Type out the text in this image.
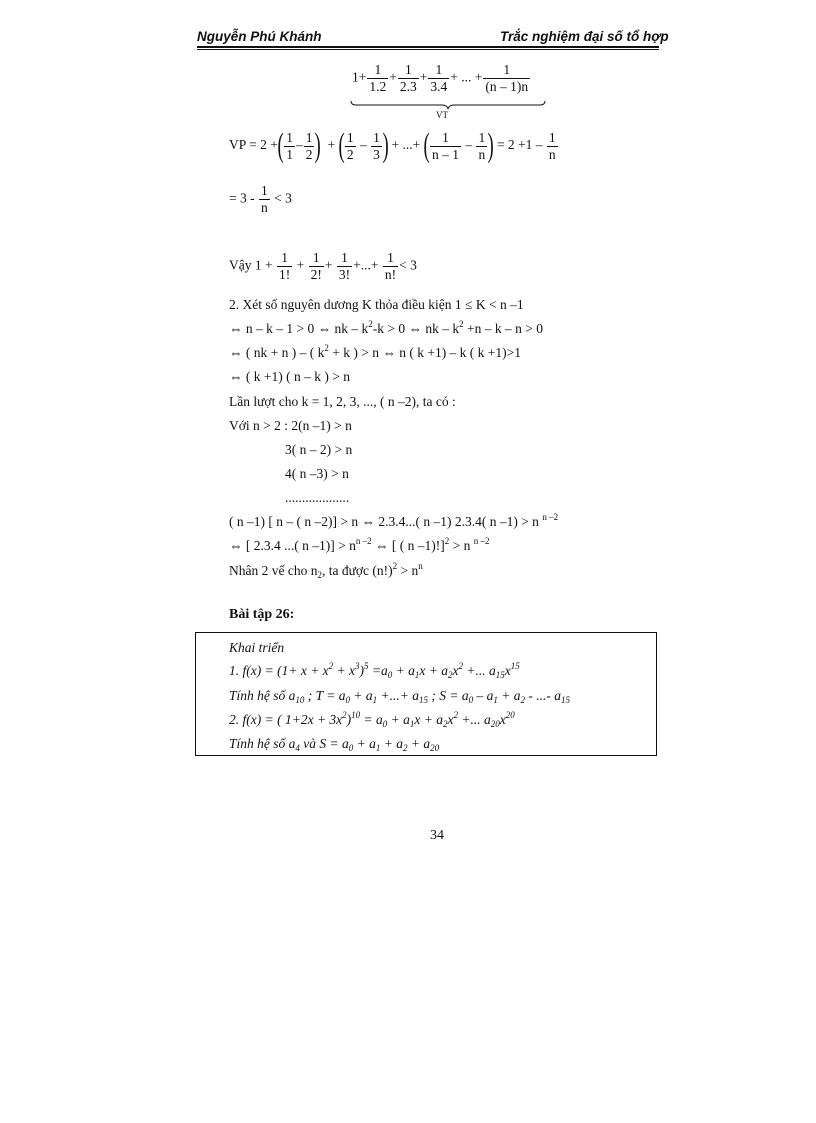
Nguyễn Phú Khánh	Trắc nghiệm đại số tổ hợp
$1+ \frac{1}{1.2} + \frac{1}{2.3} + \frac{1}{3.4}$ + ... + $\frac{1}{(n - 1)n}$
VT
VP = 2 +( $\frac{1}{1} - \frac{1}{2}$ )  + ( $\frac{1}{2} - \frac{1}{3}$ ) + ...+ ( $\frac{1}{n - 1} - \frac{1}{n}$ ) = $2 +1 - \frac{1}{n}$
= $3 - \frac{1}{n} < 3$
Vậy $1 + \frac{1}{1!} + \frac{1}{2!} + \frac{1}{3!}$ +...+ $\frac{1}{n!} < 3$
2. Xét số nguyên dương K thỏa điều kiện 1 ≤ K < n –1
⇔ n – k – 1 > 0 ⇔ nk – $k^2-k > 0$ ⇔ nk – $k^2 +n - k - n > 0$
⇔ ( nk + n ) – ( $k^2 + k$ ) > n ⇔ n ( k +1) – k ( k +1)>1
⇔ ( k +1) ( n – k ) > n
Lần lượt cho k = 1, 2, 3, ..., ( n –2), ta có :
Với n > 2 : 2(n –1) > n
3( n – 2) > n
4( n –3) > n
...................
( n –1) [ n – ( n –2)] > n ⇔ 2.3.4...( n –1) 2.3.4( n –1) > n $^{n -2}$
⇔ [ 2.3.4 ...( n $-1)] > n^{n -2}$ ⇔ [ ( n –1)!]$^2$ > n $^{n -2}$
Nhân 2 vế cho $n_2$, ta được $(n!)^2 > n^n$
Bài tập 26:
Khai triển
1. $f(x) = (1+ x + x^2 + x^3)^5 =a_0 + a_1x + a_2x^2$ +... $a_{15}x^{15}$
Tính hệ số $a_{10}$ ; $T = a_0 + a_1$ +...+ $a_{15}$ ; $S = a_0 - a_1 + a_2$ - ...- $a_{15}$
2. f(x) = ( $1+2x + 3x^2)^{10} = a_0 + a_1x + a_2x^2$ +... $a_{20}x^{20}$
Tính hệ số $a_4$ và $S = a_0 + a_1 + a_2 + a_{20}$
34
